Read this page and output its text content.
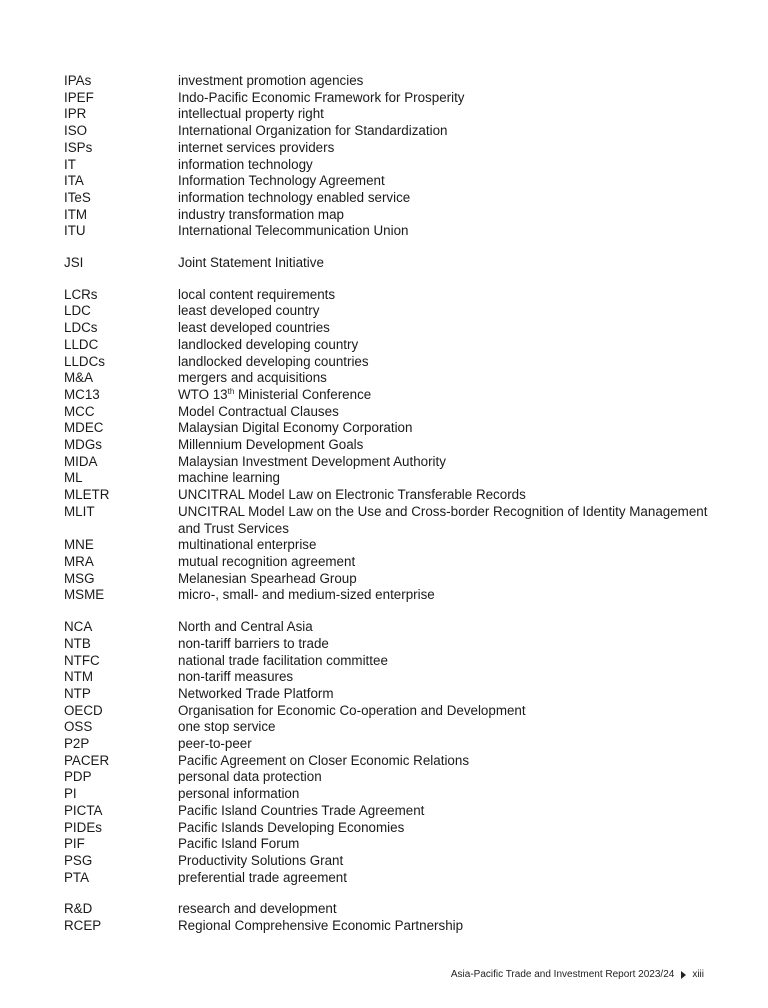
IPAs	investment promotion agencies
IPEF	Indo-Pacific Economic Framework for Prosperity
IPR	intellectual property right
ISO	International Organization for Standardization
ISPs	internet services providers
IT	information technology
ITA	Information Technology Agreement
ITeS	information technology enabled service
ITM	industry transformation map
ITU	International Telecommunication Union
JSI	Joint Statement Initiative
LCRs	local content requirements
LDC	least developed country
LDCs	least developed countries
LLDC	landlocked developing country
LLDCs	landlocked developing countries
M&A	mergers and acquisitions
MC13	WTO 13th Ministerial Conference
MCC	Model Contractual Clauses
MDEC	Malaysian Digital Economy Corporation
MDGs	Millennium Development Goals
MIDA	Malaysian Investment Development Authority
ML	machine learning
MLETR	UNCITRAL Model Law on Electronic Transferable Records
MLIT	UNCITRAL Model Law on the Use and Cross-border Recognition of Identity Management and Trust Services
MNE	multinational enterprise
MRA	mutual recognition agreement
MSG	Melanesian Spearhead Group
MSME	micro-, small- and medium-sized enterprise
NCA	North and Central Asia
NTB	non-tariff barriers to trade
NTFC	national trade facilitation committee
NTM	non-tariff measures
NTP	Networked Trade Platform
OECD	Organisation for Economic Co-operation and Development
OSS	one stop service
P2P	peer-to-peer
PACER	Pacific Agreement on Closer Economic Relations
PDP	personal data protection
PI	personal information
PICTA	Pacific Island Countries Trade Agreement
PIDEs	Pacific Islands Developing Economies
PIF	Pacific Island Forum
PSG	Productivity Solutions Grant
PTA	preferential trade agreement
R&D	research and development
RCEP	Regional Comprehensive Economic Partnership
Asia-Pacific Trade and Investment Report 2023/24 xiii
